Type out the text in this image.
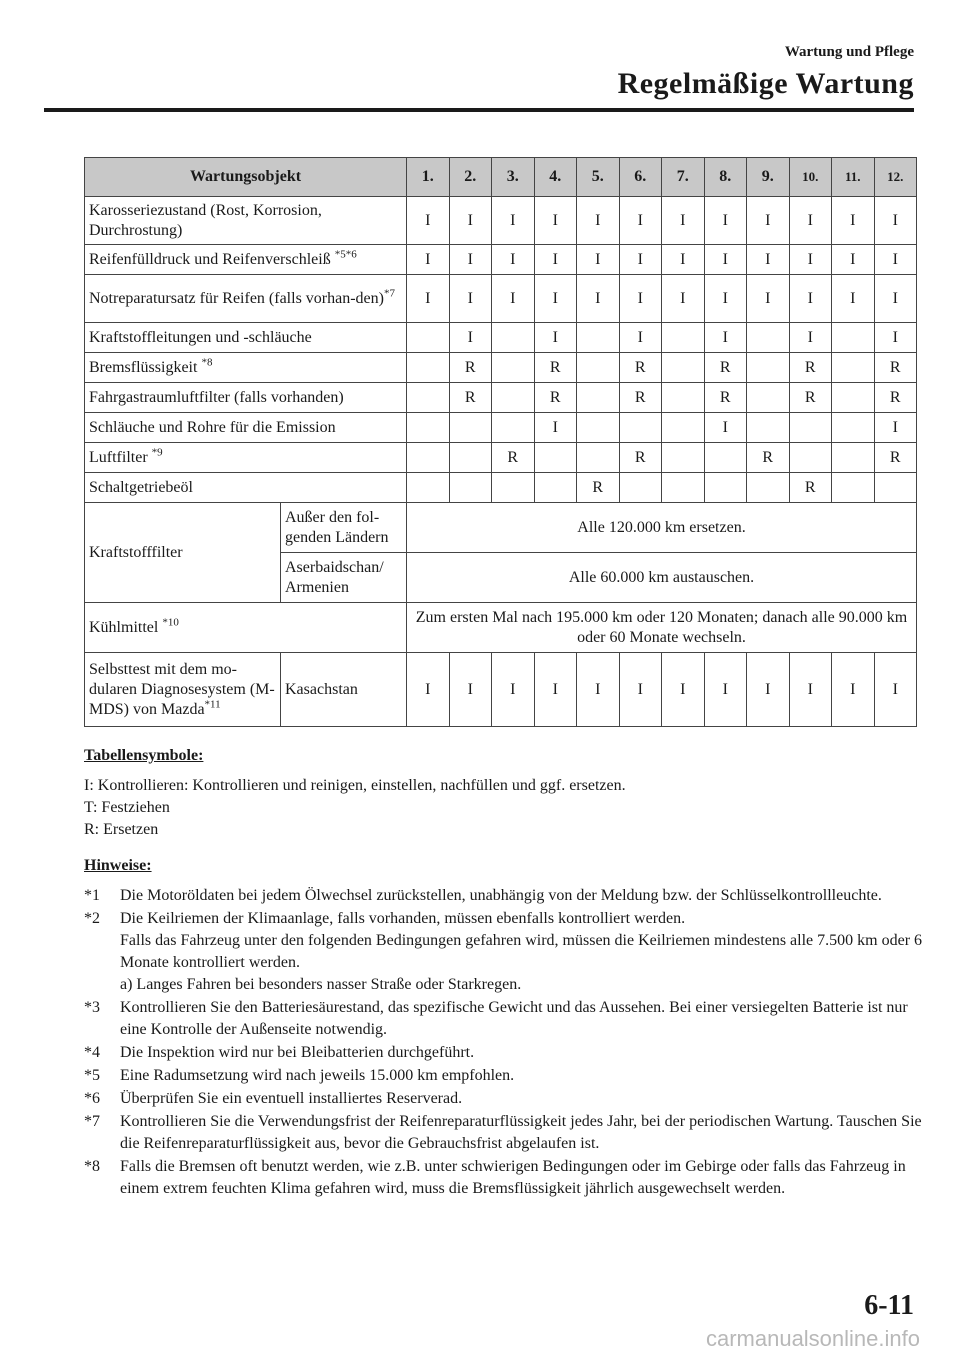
Wartung und Pflege
Regelmäßige Wartung
Wartungsobjekt		1.	2.	3.	4.	5.	6.	7.	8.	9.	10.	11.	12.
Karosseriezustand (Rost, Korrosion, Durchrostung)		I	I	I	I	I	I	I	I	I	I	I	I
Reifenfülldruck und Reifenverschleiß $^{*5*6}$		I	I	I	I	I	I	I	I	I	I	I	I
Notreparatursatz für Reifen (falls vorhan-den)$^{*7}$		I	I	I	I	I	I	I	I	I	I	I	I
Kraftstoffleitungen und -schläuche			I		I		I		I		I		I
Bremsflüssigkeit $^{*8}$			R		R		R		R		R		R
Fahrgastraumluftfilter (falls vorhanden)			R		R		R		R		R		R
Schläuche und Rohre für die Emission					I				I				I
Luftfilter $^{*9}$				R			R			R			R
Schaltgetriebeöl						R					R		
Kraftstofffilter	Außer den fol-genden Ländern	Alle 120.000 km ersetzen.											
	Aserbaidschan/ Armenien	Alle 60.000 km austauschen.											
Kühlmittel $^{*10}$		Zum ersten Mal nach 195.000 km oder 120 Monaten; danach alle 90.000 km oder 60 Monate wechseln.											
Selbsttest mit dem mo-dularen Diagnosesystem (M-MDS) von Mazda$^{*11}$	Kasachstan	I	I	I	I	I	I	I	I	I	I	I	I

Tabellensymbole:

I: Kontrollieren: Kontrollieren und reinigen, einstellen, nachfüllen und ggf. ersetzen.

T: Festziehen

R: Ersetzen

Hinweise:

*1	Die Motoröldaten bei jedem Ölwechsel zurückstellen, unabhängig von der Meldung bzw. der Schlüsselkontrollleuchte.
*2	Die Keilriemen der Klimaanlage, falls vorhanden, müssen ebenfalls kontrolliert werden.
Falls das Fahrzeug unter den folgenden Bedingungen gefahren wird, müssen die Keilriemen mindestens alle 7.500 km oder 6 Monate kontrolliert werden.
a) Langes Fahren bei besonders nasser Straße oder Starkregen.
*3	Kontrollieren Sie den Batteriesäurestand, das spezifische Gewicht und das Aussehen. Bei einer versiegelten Batterie ist nur eine Kontrolle der Außenseite notwendig.
*4	Die Inspektion wird nur bei Bleibatterien durchgeführt.
*5	Eine Radumsetzung wird nach jeweils 15.000 km empfohlen.
*6	Überprüfen Sie ein eventuell installiertes Reserverad.
*7	Kontrollieren Sie die Verwendungsfrist der Reifenreparaturflüssigkeit jedes Jahr, bei der periodischen Wartung. Tauschen Sie die Reifenreparaturflüssigkeit aus, bevor die Gebrauchsfrist abgelaufen ist.
*8	Falls die Bremsen oft benutzt werden, wie z.B. unter schwierigen Bedingungen oder im Gebirge oder falls das Fahrzeug in einem extrem feuchten Klima gefahren wird, muss die Bremsflüssigkeit jährlich ausgewechselt werden.
6-11
carmanualsonline.info
